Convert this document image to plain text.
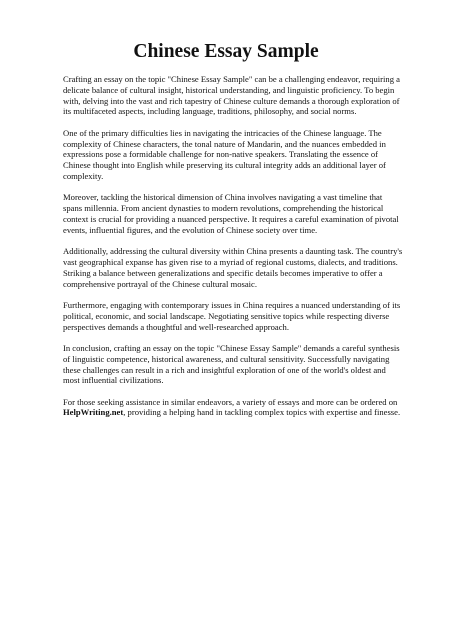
Chinese Essay Sample

Crafting an essay on the topic "Chinese Essay Sample" can be a challenging endeavor, requiring a delicate balance of cultural insight, historical understanding, and linguistic proficiency. To begin with, delving into the vast and rich tapestry of Chinese culture demands a thorough exploration of its multifaceted aspects, including language, traditions, philosophy, and social norms.

One of the primary difficulties lies in navigating the intricacies of the Chinese language. The complexity of Chinese characters, the tonal nature of Mandarin, and the nuances embedded in expressions pose a formidable challenge for non-native speakers. Translating the essence of Chinese thought into English while preserving its cultural integrity adds an additional layer of complexity.

Moreover, tackling the historical dimension of China involves navigating a vast timeline that spans millennia. From ancient dynasties to modern revolutions, comprehending the historical context is crucial for providing a nuanced perspective. It requires a careful examination of pivotal events, influential figures, and the evolution of Chinese society over time.

Additionally, addressing the cultural diversity within China presents a daunting task. The country's vast geographical expanse has given rise to a myriad of regional customs, dialects, and traditions. Striking a balance between generalizations and specific details becomes imperative to offer a comprehensive portrayal of the Chinese cultural mosaic.

Furthermore, engaging with contemporary issues in China requires a nuanced understanding of its political, economic, and social landscape. Negotiating sensitive topics while respecting diverse perspectives demands a thoughtful and well-researched approach.

In conclusion, crafting an essay on the topic "Chinese Essay Sample" demands a careful synthesis of linguistic competence, historical awareness, and cultural sensitivity. Successfully navigating these challenges can result in a rich and insightful exploration of one of the world's oldest and most influential civilizations.

For those seeking assistance in similar endeavors, a variety of essays and more can be ordered on HelpWriting.net, providing a helping hand in tackling complex topics with expertise and finesse.
